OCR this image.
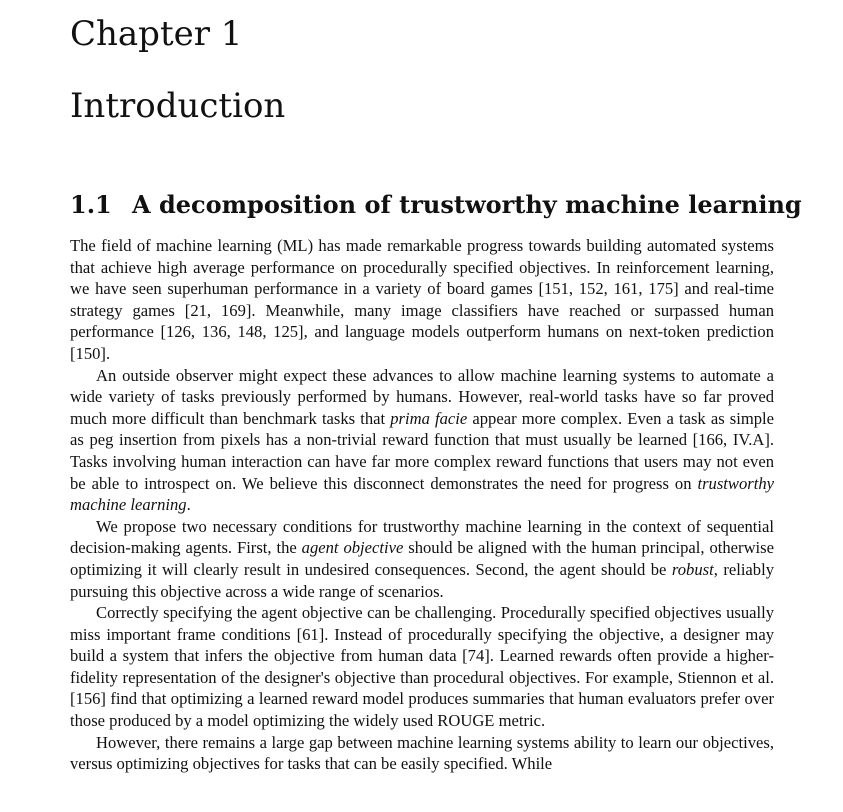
Chapter 1
Introduction
1.1 A decomposition of trustworthy machine learning

The field of machine learning (ML) has made remarkable progress towards building automated systems that achieve high average performance on procedurally specified objectives. In reinforcement learning, we have seen superhuman performance in a variety of board games [151, 152, 161, 175] and real-time strategy games [21, 169]. Meanwhile, many image classifiers have reached or surpassed human performance [126, 136, 148, 125], and language models outperform humans on next-token prediction [150].

An outside observer might expect these advances to allow machine learning systems to automate a wide variety of tasks previously performed by humans. However, real-world tasks have so far proved much more difficult than benchmark tasks that prima facie appear more complex. Even a task as simple as peg insertion from pixels has a non-trivial reward function that must usually be learned [166, IV.A]. Tasks involving human interaction can have far more complex reward functions that users may not even be able to introspect on. We believe this disconnect demonstrates the need for progress on trustworthy machine learning.

We propose two necessary conditions for trustworthy machine learning in the context of sequential decision-making agents. First, the agent objective should be aligned with the human principal, otherwise optimizing it will clearly result in undesired consequences. Second, the agent should be robust, reliably pursuing this objective across a wide range of scenarios.

Correctly specifying the agent objective can be challenging. Procedurally specified objectives usually miss important frame conditions [61]. Instead of procedurally specifying the objective, a designer may build a system that infers the objective from human data [74]. Learned rewards often provide a higher-fidelity representation of the designer's objective than procedural objectives. For example, Stiennon et al. [156] find that optimizing a learned reward model produces summaries that human evaluators prefer over those produced by a model optimizing the widely used ROUGE metric.

However, there remains a large gap between machine learning systems ability to learn our objectives, versus optimizing objectives for tasks that can be easily specified. While
